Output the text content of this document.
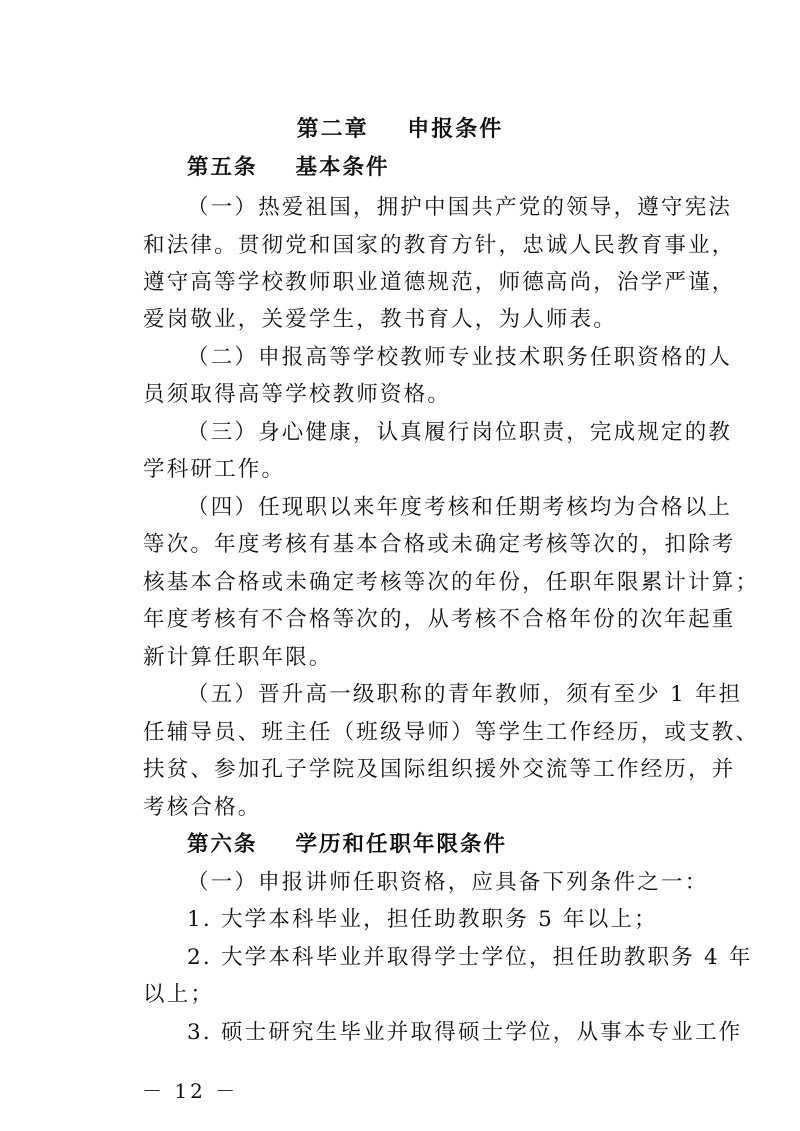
第二章    申报条件
第五条    基本条件
（一）热爱祖国，拥护中国共产党的领导，遵守宪法
和法律。贯彻党和国家的教育方针，忠诚人民教育事业，
遵守高等学校教师职业道德规范，师德高尚，治学严谨，
爱岗敬业，关爱学生，教书育人，为人师表。
（二）申报高等学校教师专业技术职务任职资格的人
员须取得高等学校教师资格。
（三）身心健康，认真履行岗位职责，完成规定的教
学科研工作。
（四）任现职以来年度考核和任期考核均为合格以上
等次。年度考核有基本合格或未确定考核等次的，扣除考
核基本合格或未确定考核等次的年份，任职年限累计计算；
年度考核有不合格等次的，从考核不合格年份的次年起重
新计算任职年限。
（五）晋升高一级职称的青年教师，须有至少 1 年担
任辅导员、班主任（班级导师）等学生工作经历，或支教、
扶贫、参加孔子学院及国际组织援外交流等工作经历，并
考核合格。
第六条    学历和任职年限条件
（一）申报讲师任职资格，应具备下列条件之一：
1. 大学本科毕业，担任助教职务 5 年以上；
2. 大学本科毕业并取得学士学位，担任助教职务 4 年
以上；
3. 硕士研究生毕业并取得硕士学位，从事本专业工作
－ 12 －
